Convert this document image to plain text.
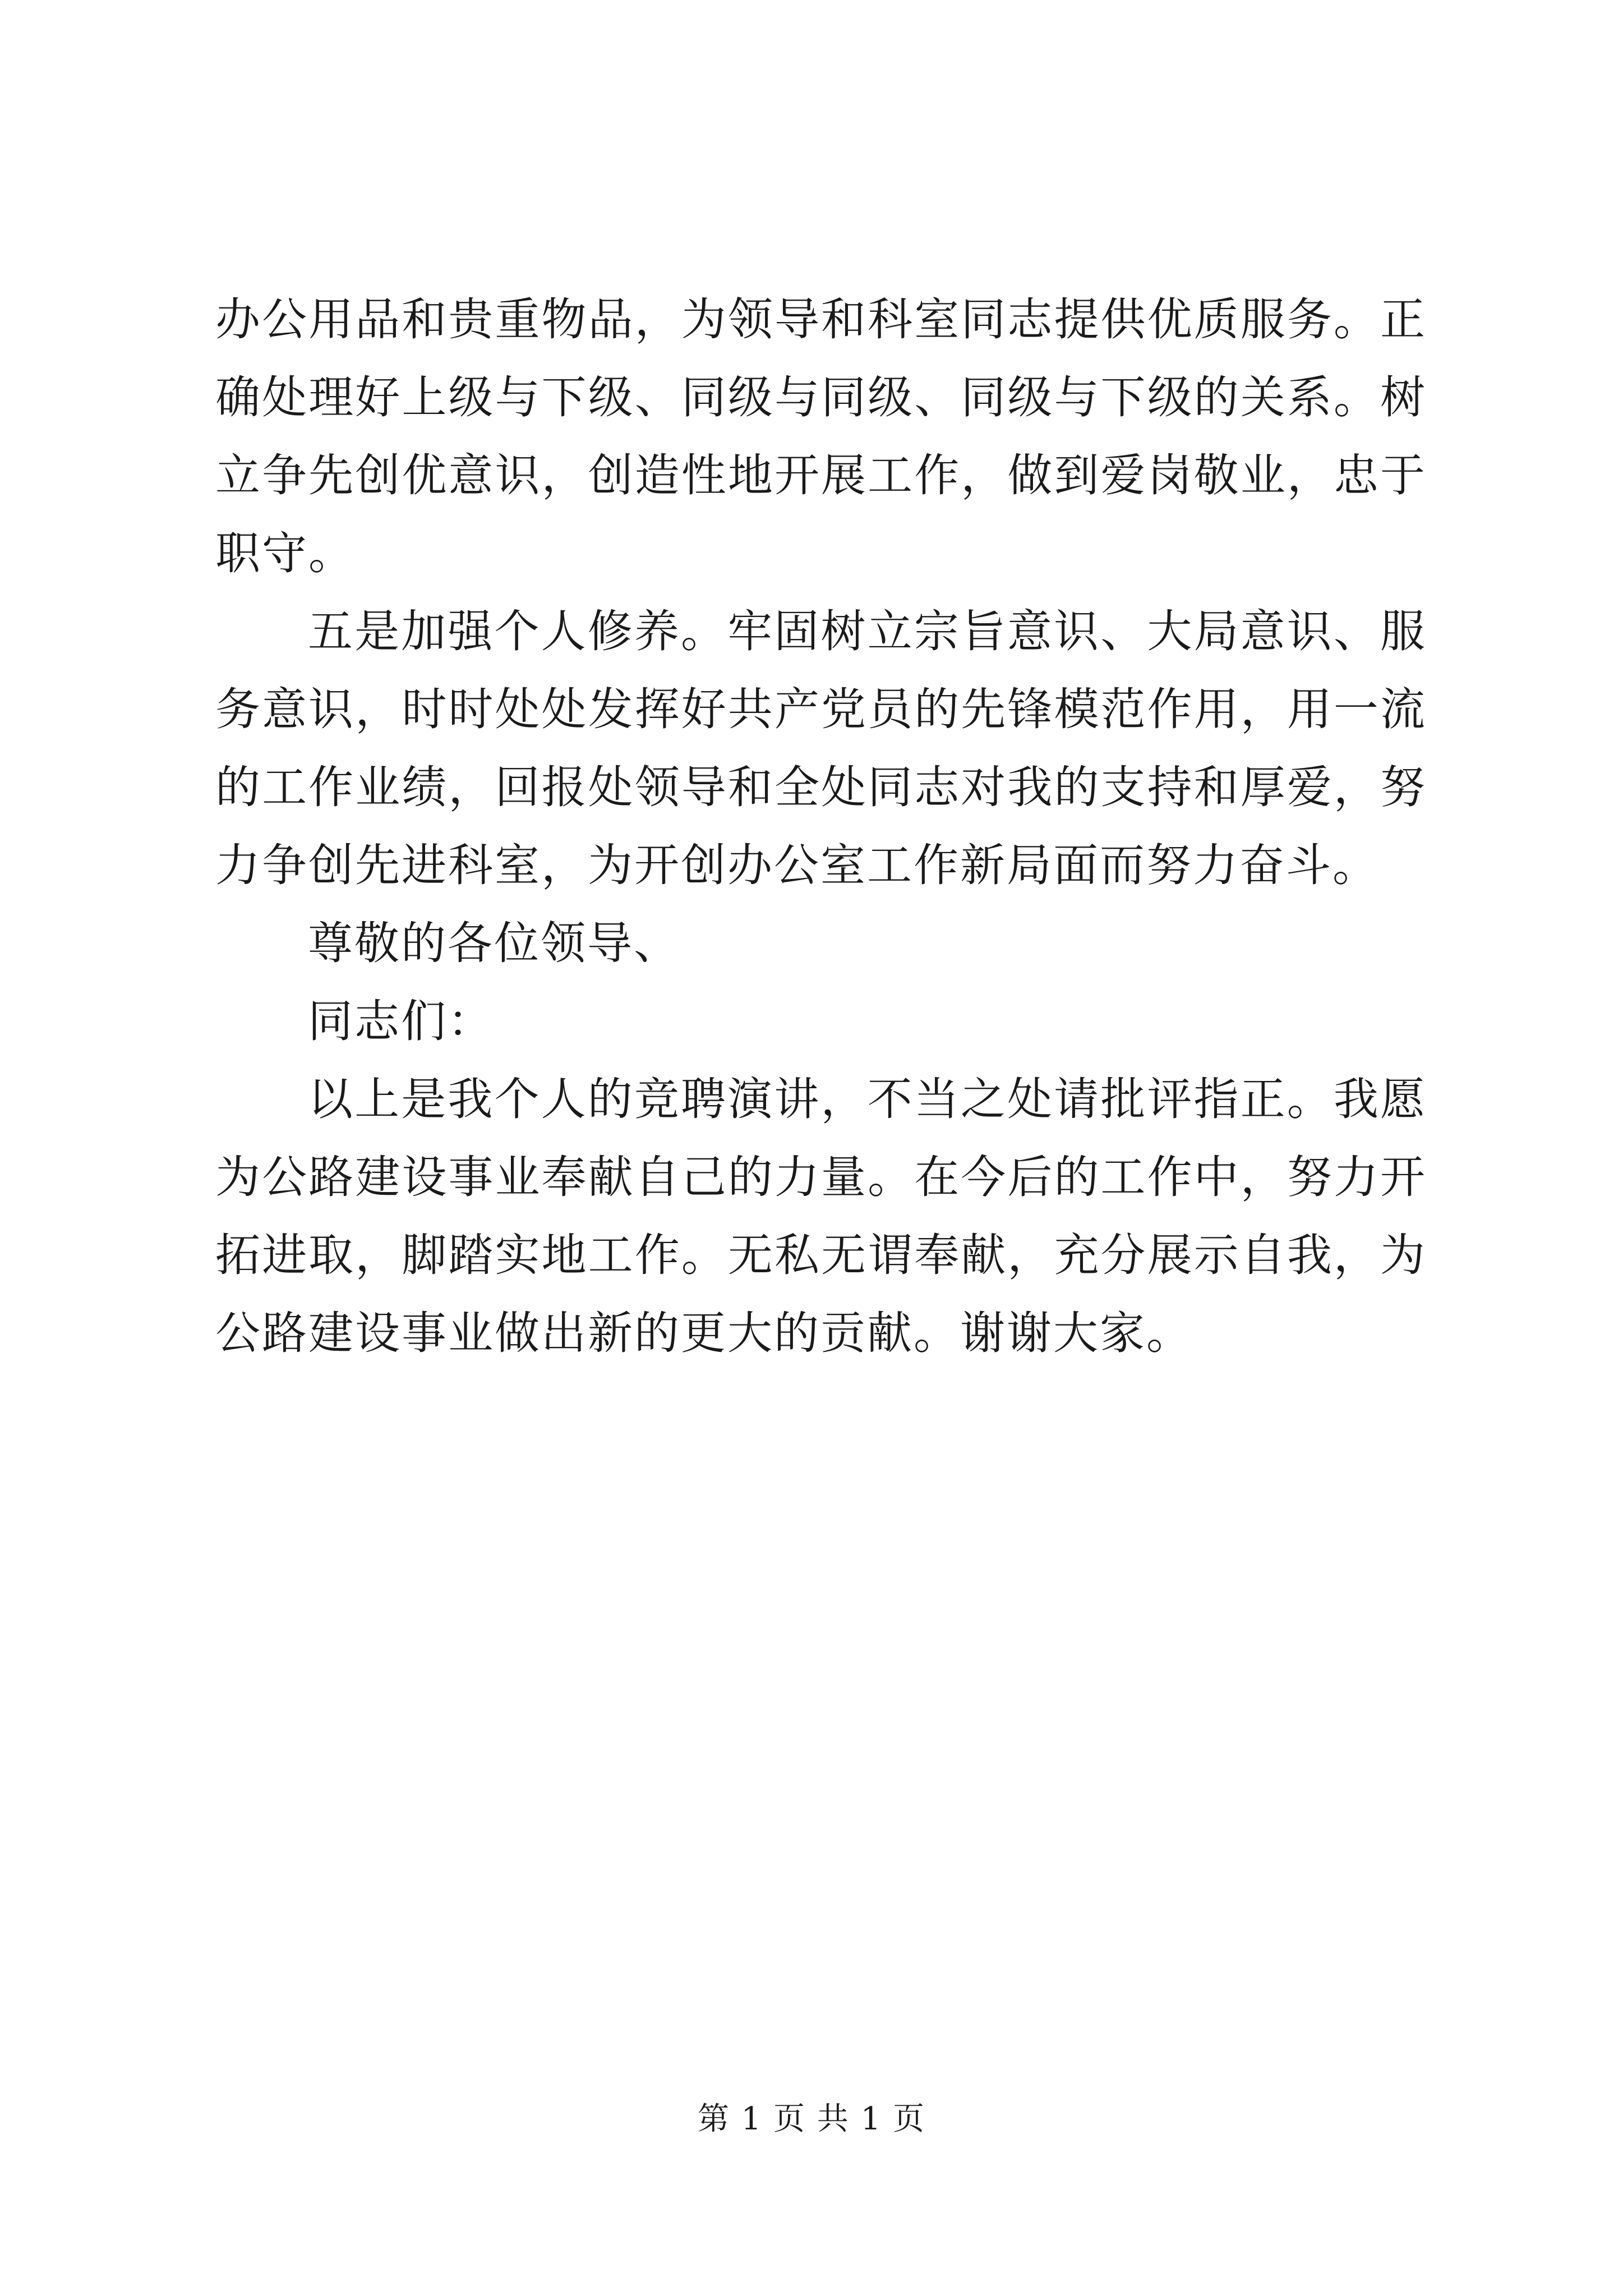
办公用品和贵重物品，为领导和科室同志提供优质服务。正确处理好上级与下级、同级与同级、同级与下级的关系。树立争先创优意识，创造性地开展工作，做到爱岗敬业，忠于职守。

五是加强个人修养。牢固树立宗旨意识、大局意识、服务意识，时时处处发挥好共产党员的先锋模范作用，用一流的工作业绩，回报处领导和全处同志对我的支持和厚爱，努力争创先进科室，为开创办公室工作新局面而努力奋斗。

尊敬的各位领导、

同志们：

以上是我个人的竞聘演讲，不当之处请批评指正。我愿为公路建设事业奉献自己的力量。在今后的工作中，努力开拓进取，脚踏实地工作。无私无谓奉献，充分展示自我，为公路建设事业做出新的更大的贡献。谢谢大家。

第 1 页 共 1 页
